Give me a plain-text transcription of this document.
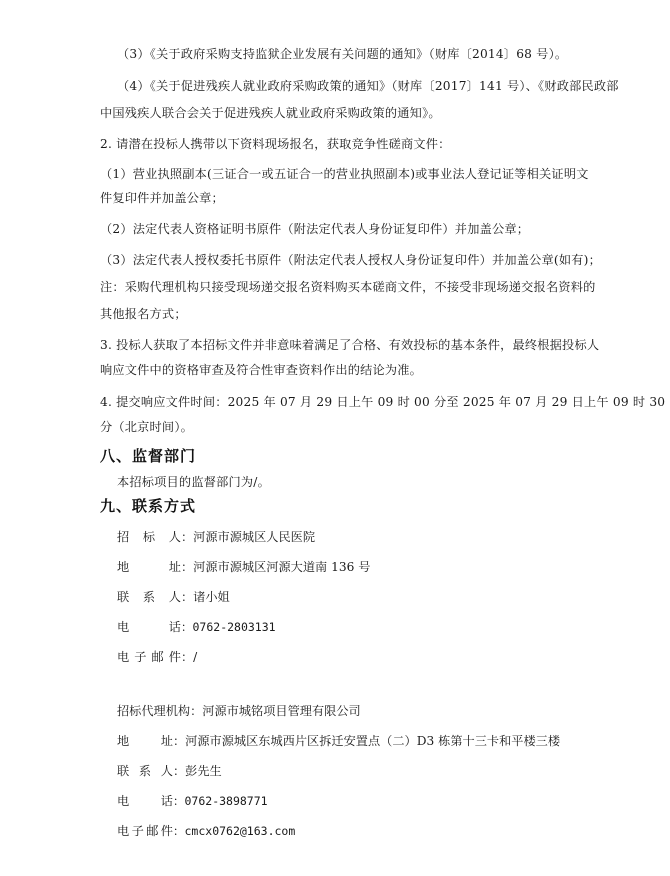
（3）《关于政府采购支持监狱企业发展有关问题的通知》（财库〔2014〕68 号）。
（4）《关于促进残疾人就业政府采购政策的通知》（财库〔2017〕141 号）、《财政部民政部
中国残疾人联合会关于促进残疾人就业政府采购政策的通知》。
2. 请潜在投标人携带以下资料现场报名，获取竞争性磋商文件：
（1）营业执照副本(三证合一或五证合一的营业执照副本)或事业法人登记证等相关证明文
件复印件并加盖公章；
（2）法定代表人资格证明书原件（附法定代表人身份证复印件）并加盖公章；
（3）法定代表人授权委托书原件（附法定代表人授权人身份证复印件）并加盖公章(如有)；
注：采购代理机构只接受现场递交报名资料购买本磋商文件，不接受非现场递交报名资料的
其他报名方式；
3. 投标人获取了本招标文件并非意味着满足了合格、有效投标的基本条件，最终根据投标人
响应文件中的资格审查及符合性审查资料作出的结论为准。
4. 提交响应文件时间：2025 年 07 月 29 日上午 09 时 00 分至 2025 年 07 月 29 日上午 09 时 30
分（北京时间）。
八、监督部门
本招标项目的监督部门为/。
九、联系方式
招 标 人：河源市源城区人民医院
地　　址：河源市源城区河源大道南 136 号
联 系 人：诸小姐
电　　话：0762-2803131
电子邮件：/
招标代理机构：河源市城铭项目管理有限公司
地　　址：河源市源城区东城西片区拆迁安置点（二）D3 栋第十三卡和平楼三楼
联 系 人：彭先生
电　　话：0762-3898771
电子邮件：cmcx0762@163.com
